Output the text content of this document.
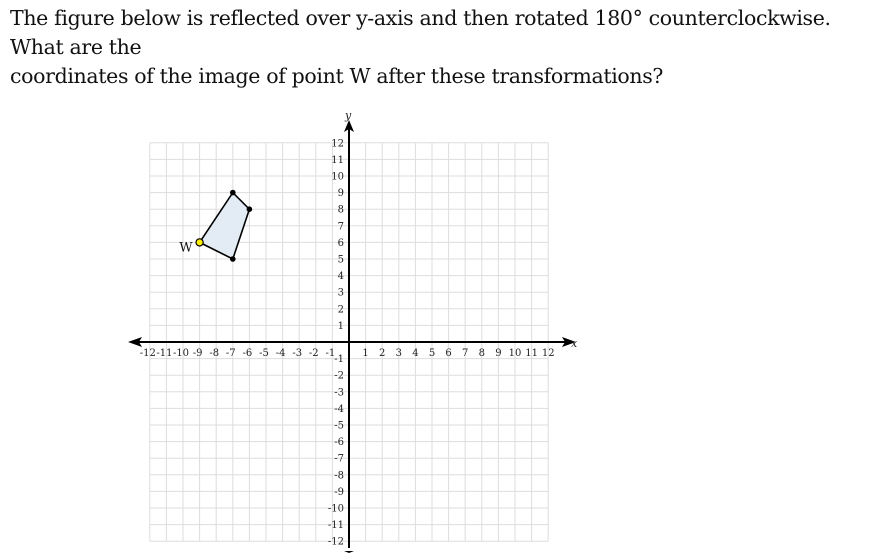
The figure below is reflected over y-axis and then rotated 180° counterclockwise. What are the
coordinates of the image of point W after these transformations?
-12 -11 -10 -9 -8 -7 -6 -5 -4 -3 -2 -1	1 2 3 4 5 6 7 8 9 10 11 12
-12
-11
-10
-9
-8
-7
-6
-5
-4
-3
-2
-1
1
2
3
4
5
6
7
8
9
10
11
12
x
y
W
